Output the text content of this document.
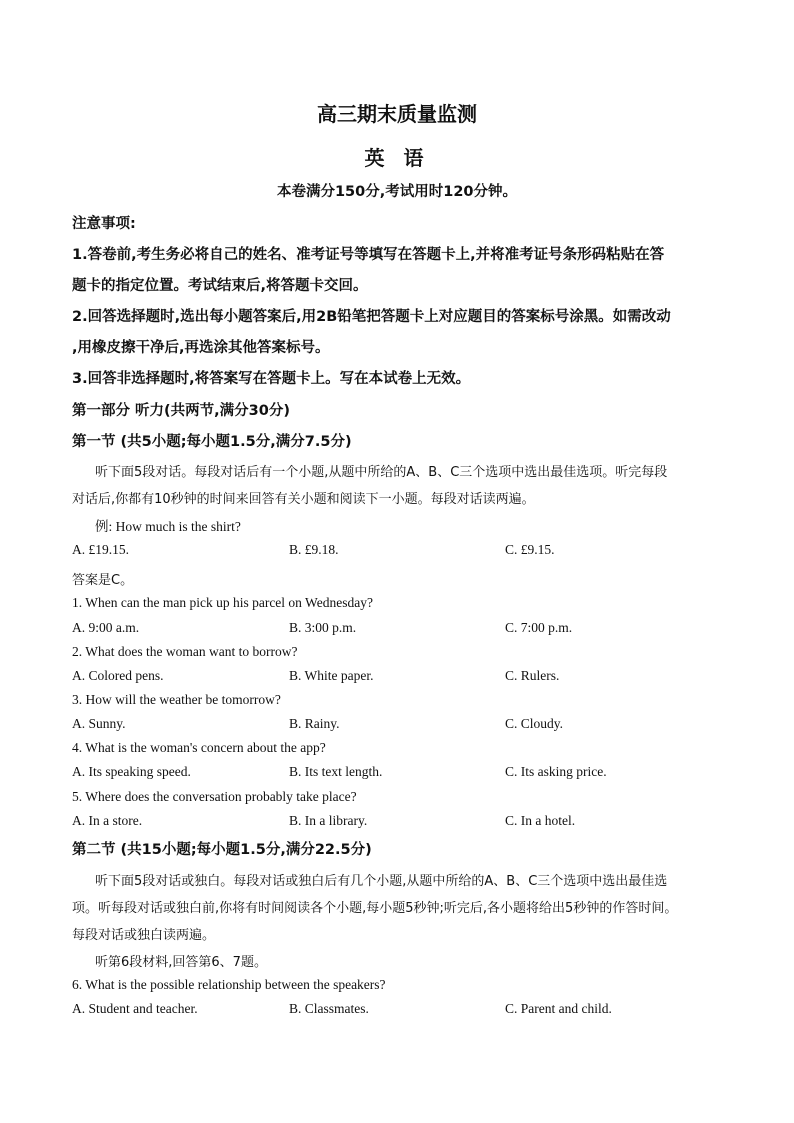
高三期末质量监测
英 语
本卷满分150分,考试用时120分钟。
注意事项:
1.答卷前,考生务必将自己的姓名、准考证号等填写在答题卡上,并将准考证号条形码粘贴在答
题卡的指定位置。考试结束后,将答题卡交回。
2.回答选择题时,选出每小题答案后,用2B铅笔把答题卡上对应题目的答案标号涂黑。如需改动
,用橡皮擦干净后,再选涂其他答案标号。
3.回答非选择题时,将答案写在答题卡上。写在本试卷上无效。
第一部分 听力(共两节,满分30分)
第一节 (共5小题;每小题1.5分,满分7.5分)
听下面5段对话。每段对话后有一个小题,从题中所给的A、B、C三个选项中选出最佳选项。听完每段
对话后,你都有10秒钟的时间来回答有关小题和阅读下一小题。每段对话读两遍。
例: How much is the shirt?
A. £19.15.	B. £9.18.	C. £9.15.
答案是C。
1. When can the man pick up his parcel on Wednesday?
A. 9:00 a.m.	B. 3:00 p.m.	C. 7:00 p.m.
2. What does the woman want to borrow?
A. Colored pens.	B. White paper.	C. Rulers.
3. How will the weather be tomorrow?
A. Sunny.	B. Rainy.	C. Cloudy.
4. What is the woman's concern about the app?
A. Its speaking speed.	B. Its text length.	C. Its asking price.
5. Where does the conversation probably take place?
A. In a store.	B. In a library.	C. In a hotel.
第二节 (共15小题;每小题1.5分,满分22.5分)
听下面5段对话或独白。每段对话或独白后有几个小题,从题中所给的A、B、C三个选项中选出最佳选
项。听每段对话或独白前,你将有时间阅读各个小题,每小题5秒钟;听完后,各小题将给出5秒钟的作答时间。
每段对话或独白读两遍。
听第6段材料,回答第6、7题。
6. What is the possible relationship between the speakers?
A. Student and teacher.	B. Classmates.	C. Parent and child.
